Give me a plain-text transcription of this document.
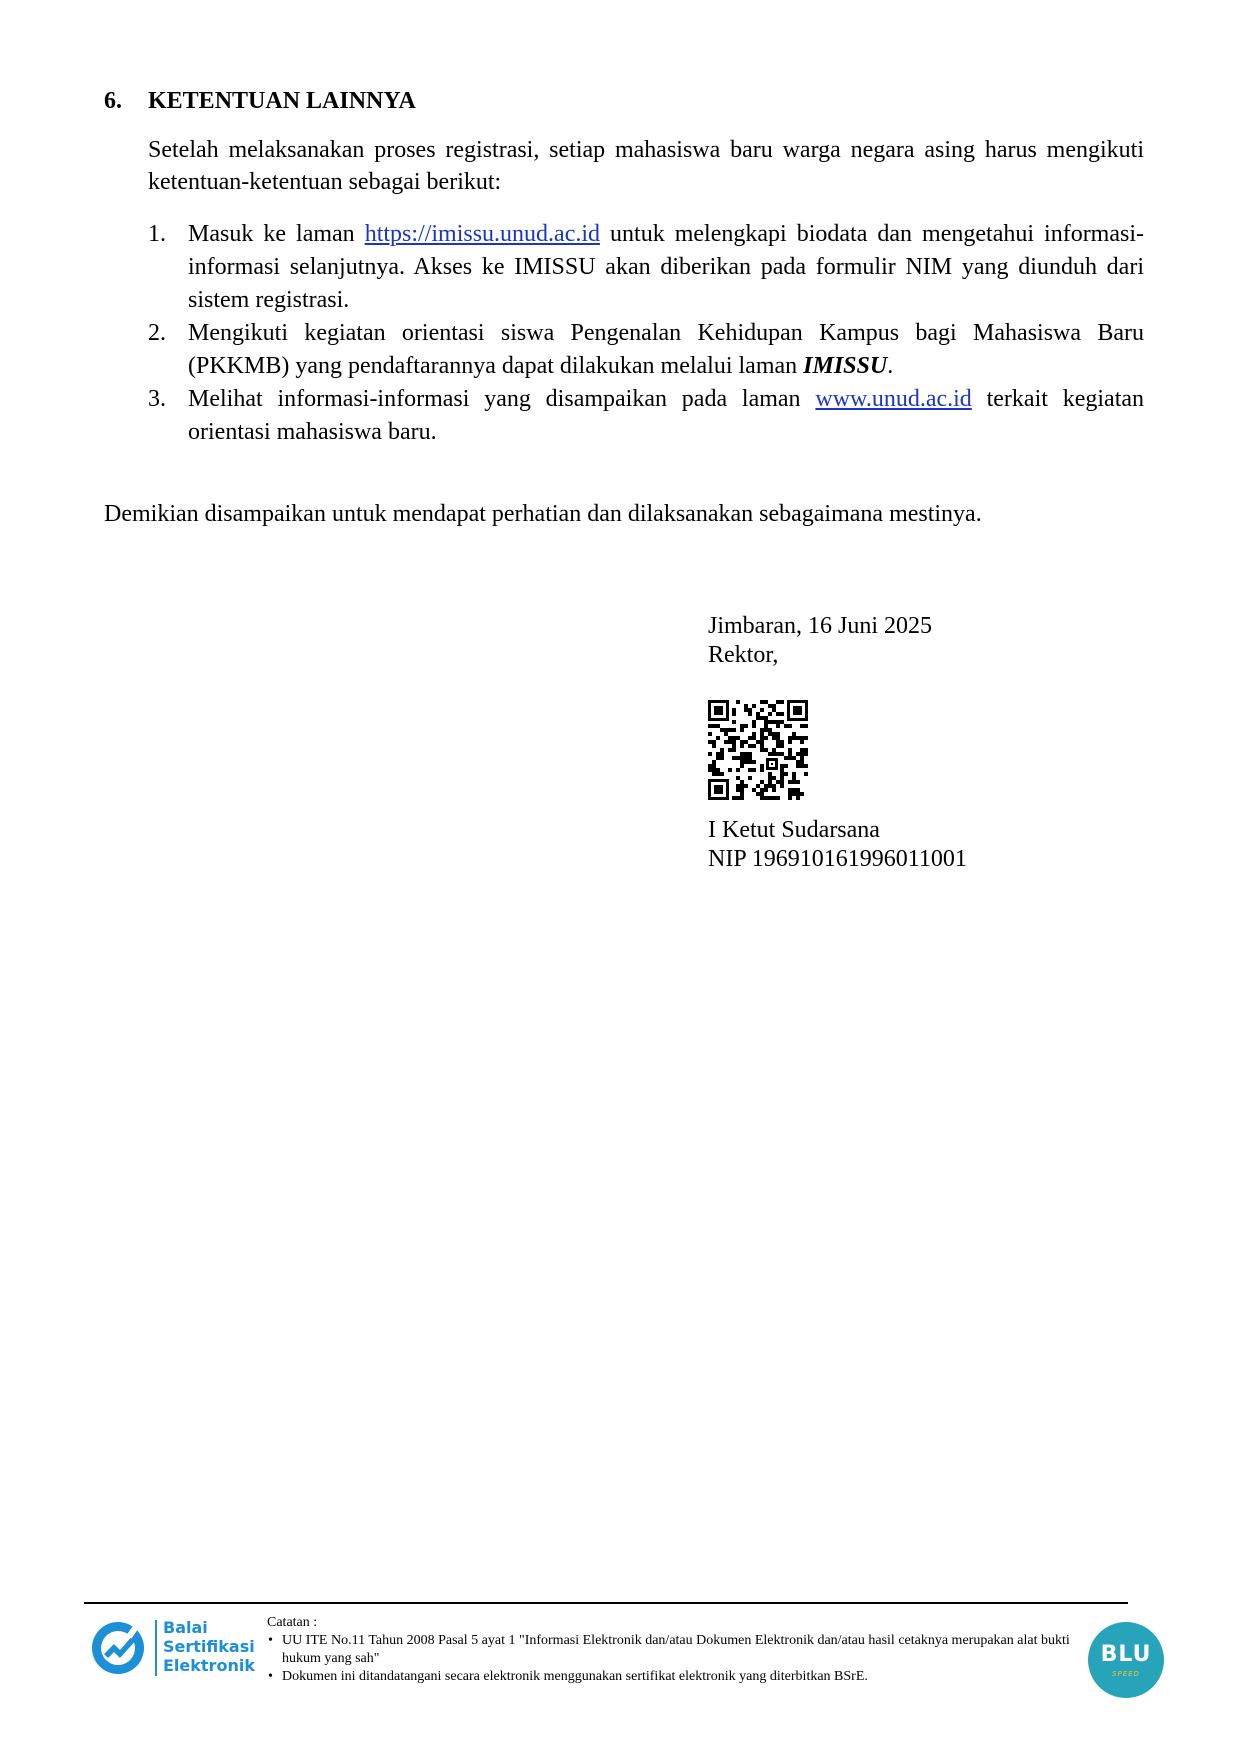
6. KETENTUAN LAINNYA
Setelah melaksanakan proses registrasi, setiap mahasiswa baru warga negara asing harus mengikuti ketentuan-ketentuan sebagai berikut:
1. Masuk ke laman https://imissu.unud.ac.id untuk melengkapi biodata dan mengetahui informasi-informasi selanjutnya. Akses ke IMISSU akan diberikan pada formulir NIM yang diunduh dari sistem registrasi.
2. Mengikuti kegiatan orientasi siswa Pengenalan Kehidupan Kampus bagi Mahasiswa Baru (PKKMB) yang pendaftarannya dapat dilakukan melalui laman IMISSU.
3. Melihat informasi-informasi yang disampaikan pada laman www.unud.ac.id terkait kegiatan orientasi mahasiswa baru.
Demikian disampaikan untuk mendapat perhatian dan dilaksanakan sebagaimana mestinya.
Jimbaran, 16 Juni 2025
Rektor,
I Ketut Sudarsana
NIP 196910161996011001
Balai
Sertifikasi
Elektronik
Catatan :
• UU ITE No.11 Tahun 2008 Pasal 5 ayat 1 "Informasi Elektronik dan/atau Dokumen Elektronik dan/atau hasil cetaknya merupakan alat bukti hukum yang sah"
• Dokumen ini ditandatangani secara elektronik menggunakan sertifikat elektronik yang diterbitkan BSrE.
BLU
SPEED
